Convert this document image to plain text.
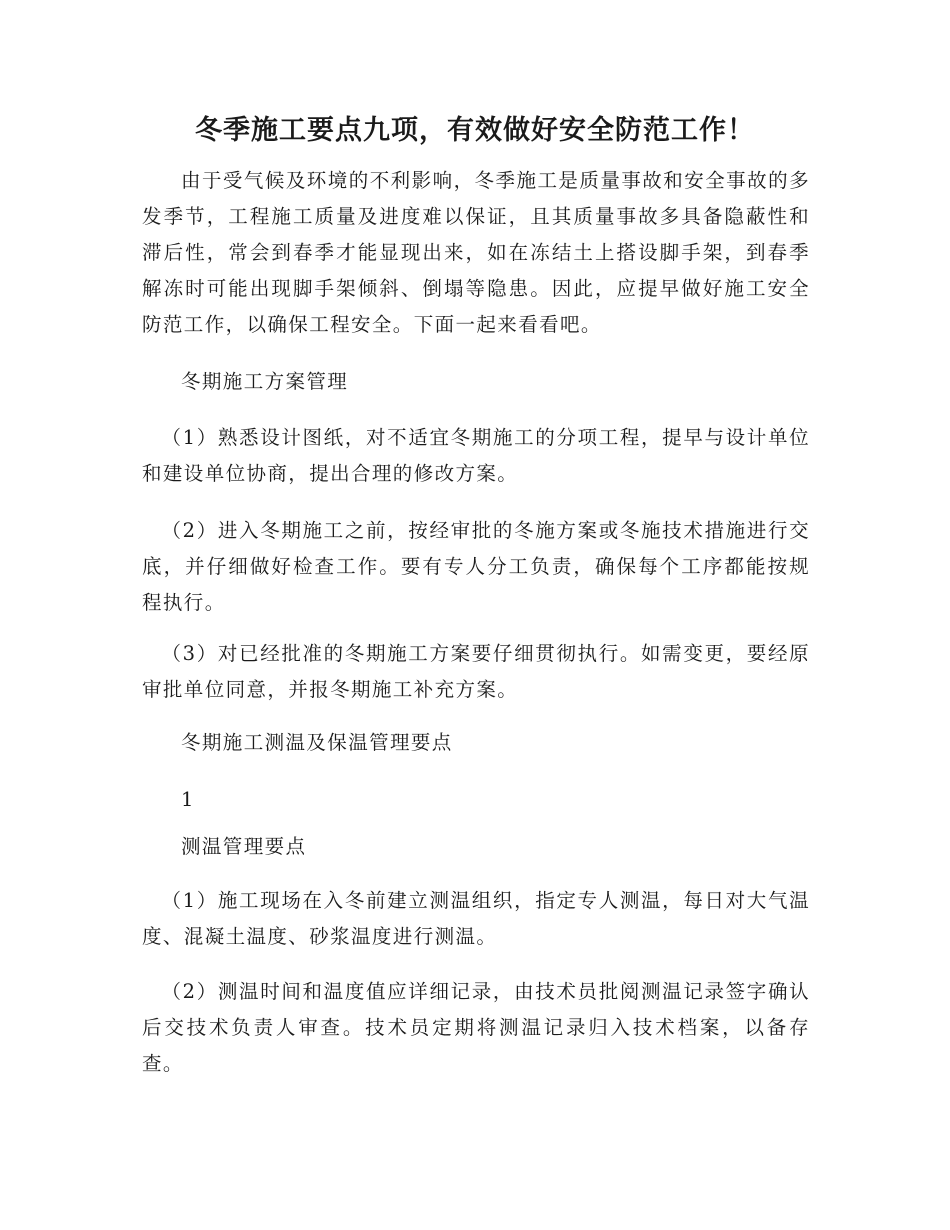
冬季施工要点九项，有效做好安全防范工作！

由于受气候及环境的不利影响，冬季施工是质量事故和安全事故的多发季节，工程施工质量及进度难以保证，且其质量事故多具备隐蔽性和滞后性，常会到春季才能显现出来，如在冻结土上搭设脚手架，到春季解冻时可能出现脚手架倾斜、倒塌等隐患。因此，应提早做好施工安全防范工作，以确保工程安全。下面一起来看看吧。

冬期施工方案管理

（1）熟悉设计图纸，对不适宜冬期施工的分项工程，提早与设计单位和建设单位协商，提出合理的修改方案。

（2）进入冬期施工之前，按经审批的冬施方案或冬施技术措施进行交底，并仔细做好检查工作。要有专人分工负责，确保每个工序都能按规程执行。

（3）对已经批准的冬期施工方案要仔细贯彻执行。如需变更，要经原审批单位同意，并报冬期施工补充方案。

冬期施工测温及保温管理要点

1

测温管理要点

（1）施工现场在入冬前建立测温组织，指定专人测温，每日对大气温度、混凝土温度、砂浆温度进行测温。

（2）测温时间和温度值应详细记录，由技术员批阅测温记录签字确认后交技术负责人审查。技术员定期将测温记录归入技术档案，以备存查。
